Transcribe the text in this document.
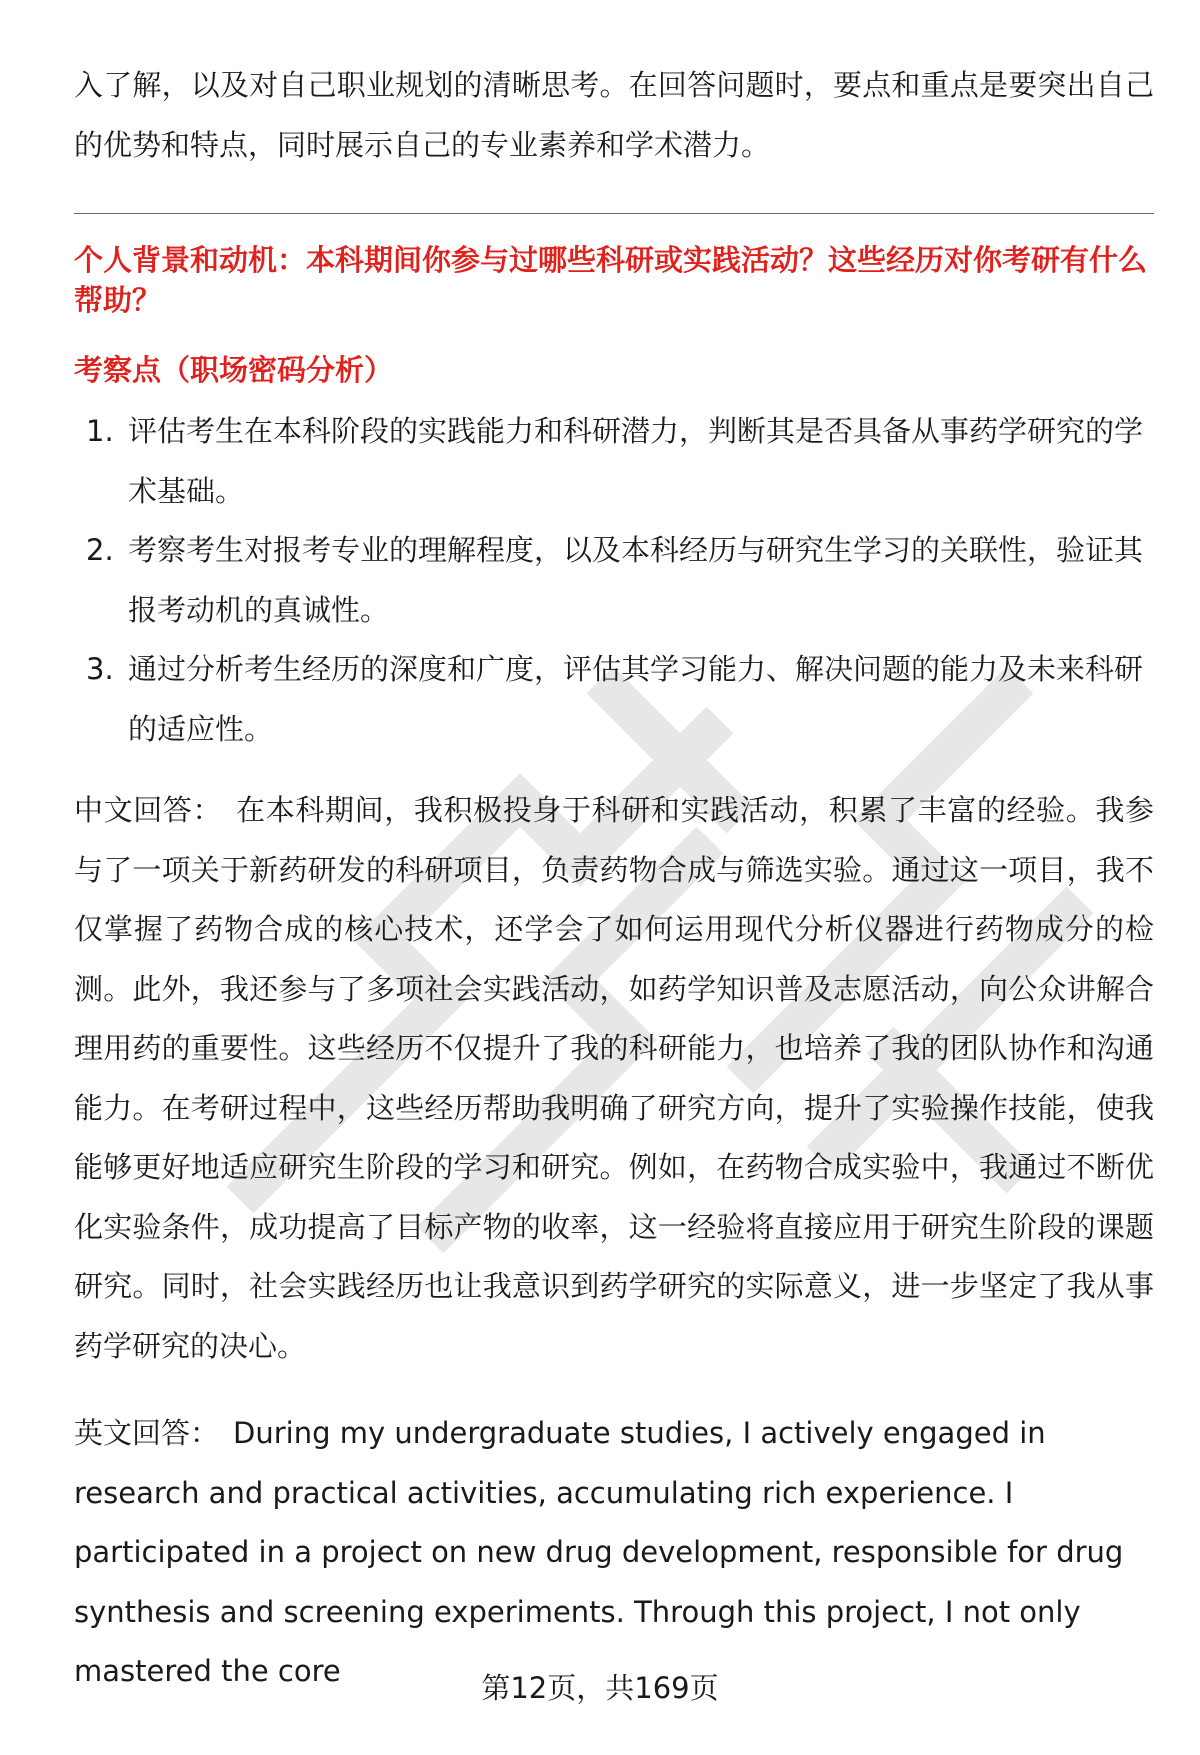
入了解，以及对自己职业规划的清晰思考。在回答问题时，要点和重点是要突出自己的优势和特点，同时展示自己的专业素养和学术潜力。

个人背景和动机：本科期间你参与过哪些科研或实践活动？这些经历对你考研有什么帮助？

考察点（职场密码分析）

1. 评估考生在本科阶段的实践能力和科研潜力，判断其是否具备从事药学研究的学术基础。
2. 考察考生对报考专业的理解程度，以及本科经历与研究生学习的关联性，验证其报考动机的真诚性。
3. 通过分析考生经历的深度和广度，评估其学习能力、解决问题的能力及未来科研的适应性。

中文回答： 在本科期间，我积极投身于科研和实践活动，积累了丰富的经验。我参与了一项关于新药研发的科研项目，负责药物合成与筛选实验。通过这一项目，我不仅掌握了药物合成的核心技术，还学会了如何运用现代分析仪器进行药物成分的检测。此外，我还参与了多项社会实践活动，如药学知识普及志愿活动，向公众讲解合理用药的重要性。这些经历不仅提升了我的科研能力，也培养了我的团队协作和沟通能力。在考研过程中，这些经历帮助我明确了研究方向，提升了实验操作技能，使我能够更好地适应研究生阶段的学习和研究。例如，在药物合成实验中，我通过不断优化实验条件，成功提高了目标产物的收率，这一经验将直接应用于研究生阶段的课题研究。同时，社会实践经历也让我意识到药学研究的实际意义，进一步坚定了我从事药学研究的决心。

英文回答： During my undergraduate studies, I actively engaged in research and practical activities, accumulating rich experience. I participated in a project on new drug development, responsible for drug synthesis and screening experiments. Through this project, I not only mastered the core	第12页，共169页
